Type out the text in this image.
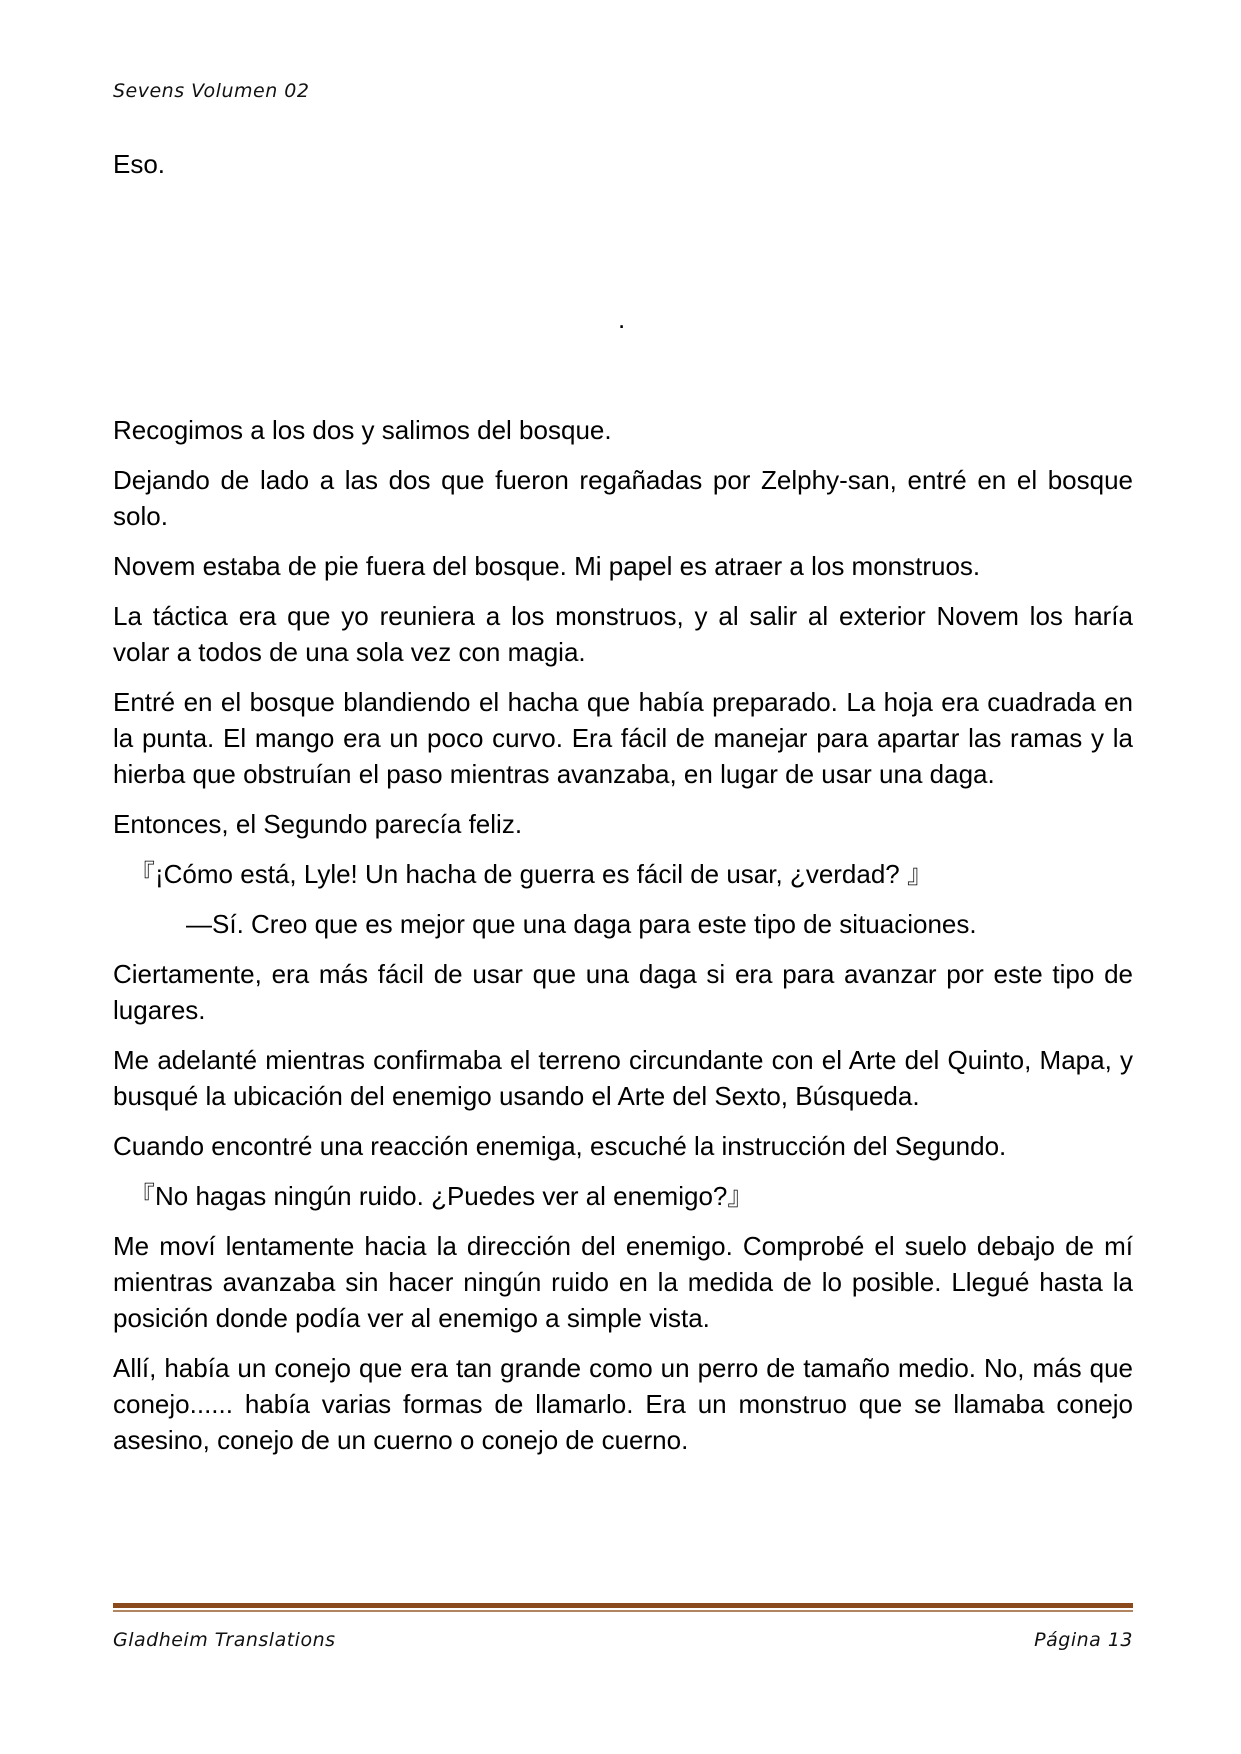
Sevens Volumen 02

Eso.

.

Recogimos a los dos y salimos del bosque.

Dejando de lado a las dos que fueron regañadas por Zelphy-san, entré en el bosque solo.

Novem estaba de pie fuera del bosque. Mi papel es atraer a los monstruos.

La táctica era que yo reuniera a los monstruos, y al salir al exterior Novem los haría volar a todos de una sola vez con magia.

Entré en el bosque blandiendo el hacha que había preparado. La hoja era cuadrada en la punta. El mango era un poco curvo. Era fácil de manejar para apartar las ramas y la hierba que obstruían el paso mientras avanzaba, en lugar de usar una daga.

Entonces, el Segundo parecía feliz.

『¡Cómo está, Lyle! Un hacha de guerra es fácil de usar, ¿verdad? 』

—Sí. Creo que es mejor que una daga para este tipo de situaciones.

Ciertamente, era más fácil de usar que una daga si era para avanzar por este tipo de lugares.

Me adelanté mientras confirmaba el terreno circundante con el Arte del Quinto, Mapa, y busqué la ubicación del enemigo usando el Arte del Sexto, Búsqueda.

Cuando encontré una reacción enemiga, escuché la instrucción del Segundo.

『No hagas ningún ruido. ¿Puedes ver al enemigo?』

Me moví lentamente hacia la dirección del enemigo. Comprobé el suelo debajo de mí mientras avanzaba sin hacer ningún ruido en la medida de lo posible. Llegué hasta la posición donde podía ver al enemigo a simple vista.

Allí, había un conejo que era tan grande como un perro de tamaño medio. No, más que conejo...... había varias formas de llamarlo. Era un monstruo que se llamaba conejo asesino, conejo de un cuerno o conejo de cuerno.

Gladheim Translations	Página 13
